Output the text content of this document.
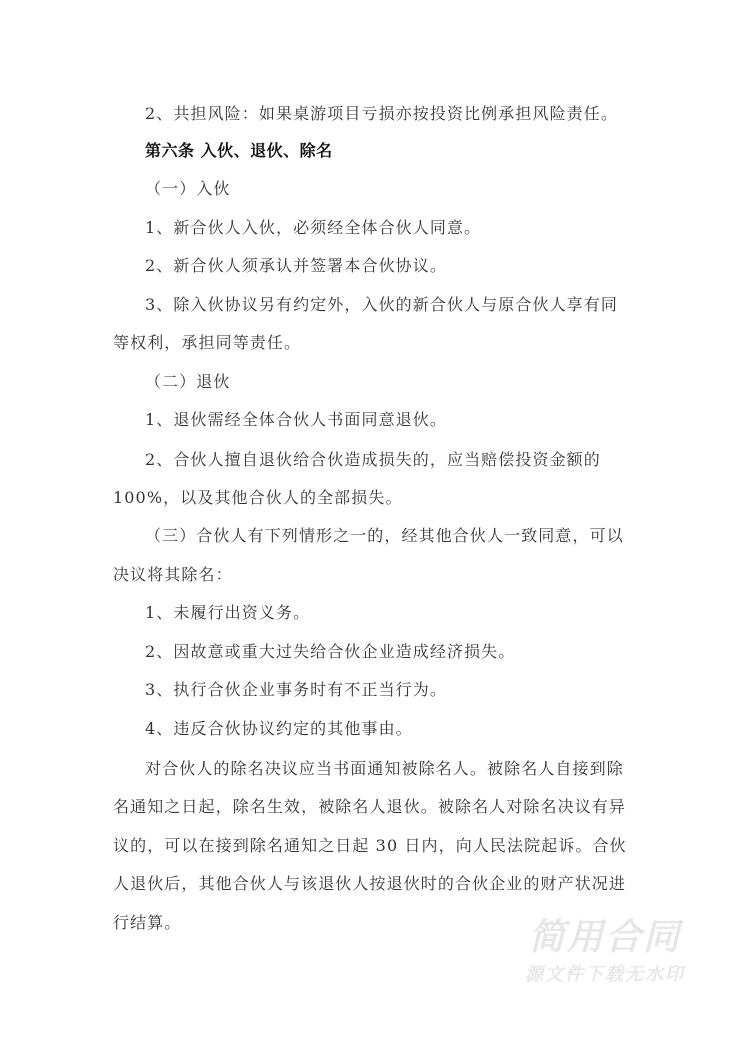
2、共担风险：如果桌游项目亏损亦按投资比例承担风险责任。
第六条 入伙、退伙、除名
（一）入伙
1、新合伙人入伙，必须经全体合伙人同意。
2、新合伙人须承认并签署本合伙协议。
3、除入伙协议另有约定外，入伙的新合伙人与原合伙人享有同
等权利，承担同等责任。
（二）退伙
1、退伙需经全体合伙人书面同意退伙。
2、合伙人擅自退伙给合伙造成损失的，应当赔偿投资金额的
100%，以及其他合伙人的全部损失。
（三）合伙人有下列情形之一的，经其他合伙人一致同意，可以
决议将其除名：
1、未履行出资义务。
2、因故意或重大过失给合伙企业造成经济损失。
3、执行合伙企业事务时有不正当行为。
4、违反合伙协议约定的其他事由。
对合伙人的除名决议应当书面通知被除名人。被除名人自接到除
名通知之日起，除名生效，被除名人退伙。被除名人对除名决议有异
议的，可以在接到除名通知之日起 30 日内，向人民法院起诉。合伙
人退伙后，其他合伙人与该退伙人按退伙时的合伙企业的财产状况进
行结算。	简用合同
源文件下载无水印
